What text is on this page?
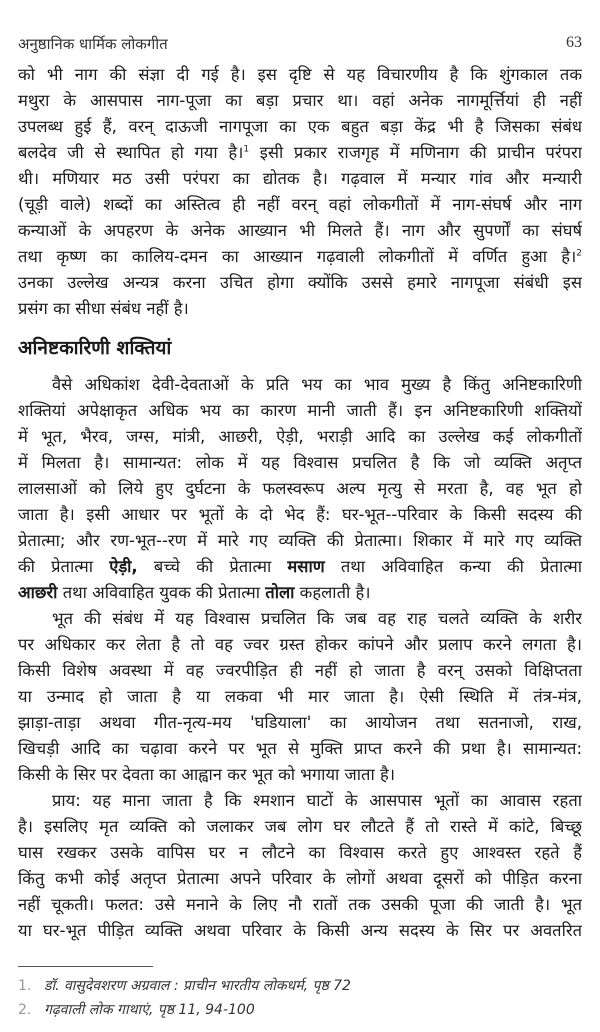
अनुष्ठानिक धार्मिक लोकगीत	63
को भी नाग की संज्ञा दी गई है। इस दृष्टि से यह विचारणीय है कि शुंगकाल तक
मथुरा के आसपास नाग-पूजा का बड़ा प्रचार था। वहां अनेक नागमूर्त्तियां ही नहीं
उपलब्ध हुई हैं, वरन् दाऊजी नागपूजा का एक बहुत बड़ा केंद्र भी है जिसका संबंध
बलदेव जी से स्थापित हो गया है।$^1$ इसी प्रकार राजगृह में मणिनाग की प्राचीन परंपरा
थी। मणियार मठ उसी परंपरा का द्योतक है। गढ़वाल में मन्यार गांव और मन्यारी
(चूड़ी वाले) शब्दों का अस्तित्व ही नहीं वरन् वहां लोकगीतों में नाग-संघर्ष और नाग
कन्याओं के अपहरण के अनेक आख्यान भी मिलते हैं। नाग और सुपर्णों का संघर्ष
तथा कृष्ण का कालिय-दमन का आख्यान गढ़वाली लोकगीतों में वर्णित हुआ है।$^2$
उनका उल्लेख अन्यत्र करना उचित होगा क्योंकि उससे हमारे नागपूजा संबंधी इस
प्रसंग का सीधा संबंध नहीं है।
अनिष्टकारिणी शक्तियां
वैसे अधिकांश देवी-देवताओं के प्रति भय का भाव मुख्य है किंतु अनिष्टकारिणी
शक्तियां अपेक्षाकृत अधिक भय का कारण मानी जाती हैं। इन अनिष्टकारिणी शक्तियों
में भूत, भैरव, जग्स, मांत्री, आछरी, ऐड़ी, भराड़ी आदि का उल्लेख कई लोकगीतों
में मिलता है। सामान्यत: लोक में यह विश्वास प्रचलित है कि जो व्यक्ति अतृप्त
लालसाओं को लिये हुए दुर्घटना के फलस्वरूप अल्प मृत्यु से मरता है, वह भूत हो
जाता है। इसी आधार पर भूतों के दो भेद हैं: घर-भूत--परिवार के किसी सदस्य की
प्रेतात्मा; और रण-भूत--रण में मारे गए व्यक्ति की प्रेतात्मा। शिकार में मारे गए व्यक्ति
की प्रेतात्मा ऐड़ी, बच्चे की प्रेतात्मा मसाण तथा अविवाहित कन्या की प्रेतात्मा
आछरी तथा अविवाहित युवक की प्रेतात्मा तोला कहलाती है।
भूत की संबंध में यह विश्वास प्रचलित कि जब वह राह चलते व्यक्ति के शरीर
पर अधिकार कर लेता है तो वह ज्वर ग्रस्त होकर कांपने और प्रलाप करने लगता है।
किसी विशेष अवस्था में वह ज्वरपीड़ित ही नहीं हो जाता है वरन् उसको विक्षिप्तता
या उन्माद हो जाता है या लकवा भी मार जाता है। ऐसी स्थिति में तंत्र-मंत्र,
झाड़ा-ताड़ा अथवा गीत-नृत्य-मय 'घडियाला' का आयोजन तथा सतनाजो, राख,
खिचड़ी आदि का चढ़ावा करने पर भूत से मुक्ति प्राप्त करने की प्रथा है। सामान्यत:
किसी के सिर पर देवता का आह्वान कर भूत को भगाया जाता है।
प्राय: यह माना जाता है कि श्मशान घाटों के आसपास भूतों का आवास रहता
है। इसलिए मृत व्यक्ति को जलाकर जब लोग घर लौटते हैं तो रास्ते में कांटे, बिच्छू
घास रखकर उसके वापिस घर न लौटने का विश्वास करते हुए आश्वस्त रहते हैं
किंतु कभी कोई अतृप्त प्रेतात्मा अपने परिवार के लोगों अथवा दूसरों को पीड़ित करना
नहीं चूकती। फलत: उसे मनाने के लिए नौ रातों तक उसकी पूजा की जाती है। भूत
या घर-भूत पीड़ित व्यक्ति अथवा परिवार के किसी अन्य सदस्य के सिर पर अवतरित
1. डॉ. वासुदेवशरण अग्रवाल : प्राचीन भारतीय लोकधर्म, पृष्ठ 72
2. गढ़वाली लोक गाथाएं, पृष्ठ 11, 94-100
